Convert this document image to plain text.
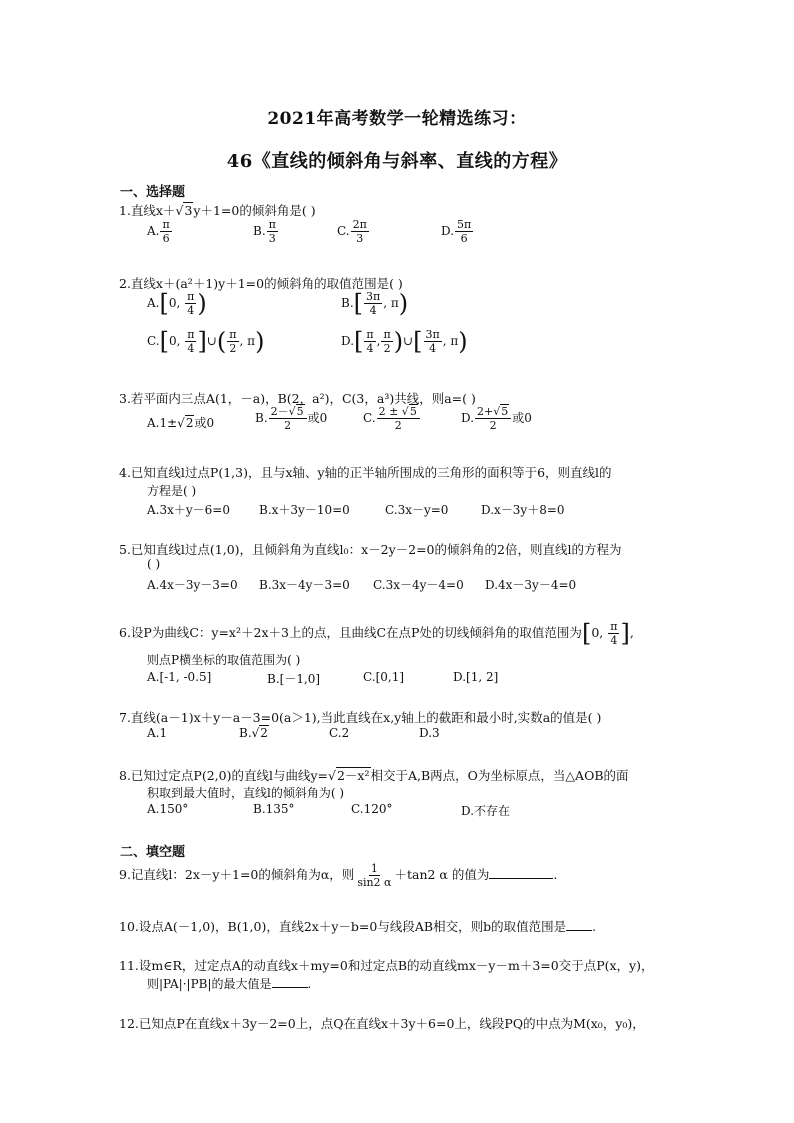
2021年高考数学一轮精选练习：
46《直线的倾斜角与斜率、直线的方程》
一、选择题
1.直线x＋√3y＋1=0的倾斜角是( )
A. $\frac{\pi}{6}$	B. $\frac{\pi}{3}$	C. $\frac{2\pi}{3}$	D. $\frac{5\pi}{6}$
2.直线x＋(a²＋1)y＋1=0的倾斜角的取值范围是( )
A.[0, $\frac{\pi}{4}$ )	$B.[ \frac{3\pi}{4}$ , π)
C.[0, $\frac{\pi}{4}$ ]∪( $\frac{\pi}{2}$ , π)	$D.[ \frac{\pi}{4}$ , $\frac{\pi}{2}$ )∪[ $\frac{3\pi}{4}$ , π)
3.若平面内三点A(1，－a)，B(2，a²)，C(3，a³)共线，则a=( )
A.1±√2或0	B. $\frac{2-√5}{2}$ 或0	C. $\frac{2 \pm √5}{2}$	D. $\frac{2+√5}{2}$ 或0
4.已知直线l过点P(1,3)，且与x轴、y轴的正半轴所围成的三角形的面积等于6，则直线l的
方程是( )
A.3x＋y－6=0 B.x＋3y－10=0	C.3x－y=0	D.x－3y＋8=0
5.已知直线l过点(1,0)，且倾斜角为直线l₀：x－2y－2=0的倾斜角的2倍，则直线l的方程为
( )
A.4x－3y－3=0 B.3x－4y－3=0 C.3x－4y－4=0 D.4x－3y－4=0
6.设P为曲线C：y=x²＋2x＋3上的点，且曲线C在点P处的切线倾斜角的取值范围为[0, $\frac{\pi}{4}$ ],
则点P横坐标的取值范围为( )
A.[-1, -0.5]	B.[－1,0]	C.[0,1]	D.[1, 2]
7.直线(a－1)x＋y－a－3=0(a＞1),当此直线在x,y轴上的截距和最小时,实数a的值是( )
A.1	B.√2	C.2	D.3
8.已知过定点P(2,0)的直线l与曲线y=√2－x²相交于A,B两点，O为坐标原点，当△AOB的面
积取到最大值时，直线l的倾斜角为( )
A.150°	B.135°	C.120°	D.不存在
二、填空题
9.记直线l：2x－y＋1=0的倾斜角为α，则 $\frac{1}{\sin 2 \alpha} +\tan 2$ α 的值为	.
10.设点A(－1,0)，B(1,0)，直线2x＋y－b=0与线段AB相交，则b的取值范围是 .
11.设m∈R，过定点A的动直线x＋my=0和过定点B的动直线mx－y－m＋3=0交于点P(x，y)，
则|PA|·|PB|的最大值是	.
12.已知点P在直线x＋3y－2=0上，点Q在直线x＋3y＋6=0上，线段PQ的中点为M(x₀，y₀)，
